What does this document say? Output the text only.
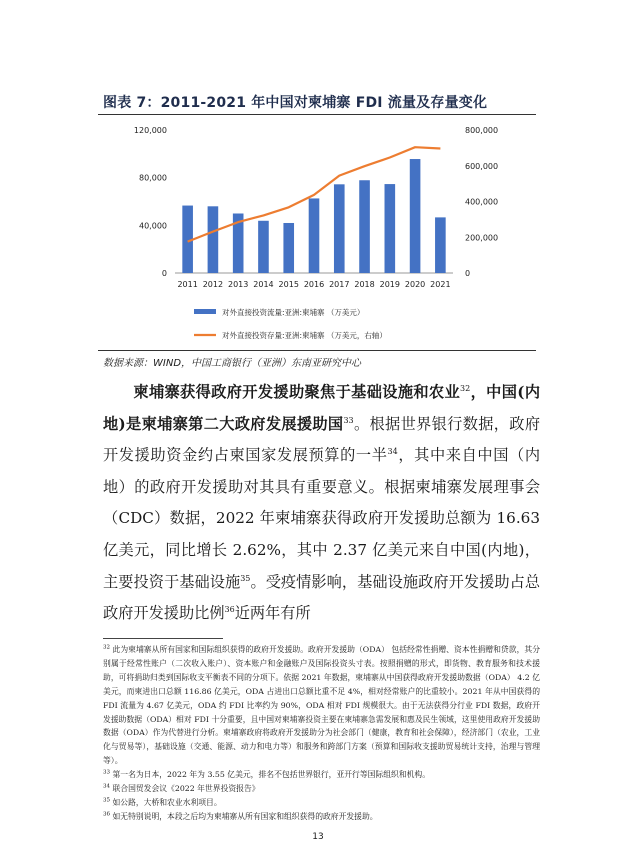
图表 7：2011-2021 年中国对柬埔寨 FDI 流量及存量变化
0
40,000
80,000
120,000
0
200,000
400,000
600,000
800,000
2011 2012 2013 2014 2015 2016 2017 2018 2019 2020 2021
对外直接投资流量:亚洲:柬埔寨 （万美元）
对外直接投资存量:亚洲:柬埔寨 （万美元，右轴）
数据来源：WIND，中国工商银行（亚洲）东南亚研究中心

柬埔寨获得政府开发援助聚焦于基础设施和农业$^{32}$，中国(内地)是柬埔寨第二大政府发展援助国$^{33}$。根据世界银行数据，政府开发援助资金约占柬国家发展预算的一半$^{34}$，其中来自中国（内地）的政府开发援助对其具有重要意义。根据柬埔寨发展理事会（CDC）数据，2022 年柬埔寨获得政府开发援助总额为 16.63 亿美元，同比增长 2.62%，其中 2.37 亿美元来自中国(内地)，主要投资于基础设施$^{35}$。受疫情影响，基础设施政府开发援助占总政府开发援助比例$^{36}$近两年有所

$^{32}$ 此为柬埔寨从所有国家和国际组织获得的政府开发援助。政府开发援助（ODA） 包括经常性捐赠、资本性捐赠和贷款，其分别属于经常性账户（二次收入账户）、资本账户和金融账户及国际投资头寸表。按照捐赠的形式，即货物、教育服务和技术援助，可将捐助归类到国际收支平衡表不同的分项下。依据 2021 年数据，柬埔寨从中国获得政府开发援助数据（ODA） 4.2 亿美元，而柬进出口总额 116.86 亿美元，ODA 占进出口总额比重不足 4%，相对经常账户的比重较小。2021 年从中国获得的 FDI 流量为 4.67 亿美元，ODA 约 FDI 比率约为 90%，ODA 相对 FDI 规模很大。由于无法获得分行业 FDI 数据，政府开发援助数据（ODA）相对 FDI 十分重要，且中国对柬埔寨投资主要在柬埔寨急需发展和惠及民生领域，这里使用政府开发援助数据（ODA）作为代替进行分析。柬埔寨政府将政府开发援助分为社会部门（健康，教育和社会保障），经济部门（农业，工业化与贸易等），基础设施（交通、能源、动力和电力等）和服务和跨部门方案（预算和国际收支援助贸易统计支持，治理与管理等）。

$^{33}$ 第一名为日本，2022 年为 3.55 亿美元，排名不包括世界银行，亚开行等国际组织和机构。

$^{34}$ 联合国贸发会议《2022 年世界投资报告》

$^{35}$ 如公路，大桥和农业水利项目。

$^{36}$ 如无特别说明，本段之后均为柬埔寨从所有国家和组织获得的政府开发援助。

13
